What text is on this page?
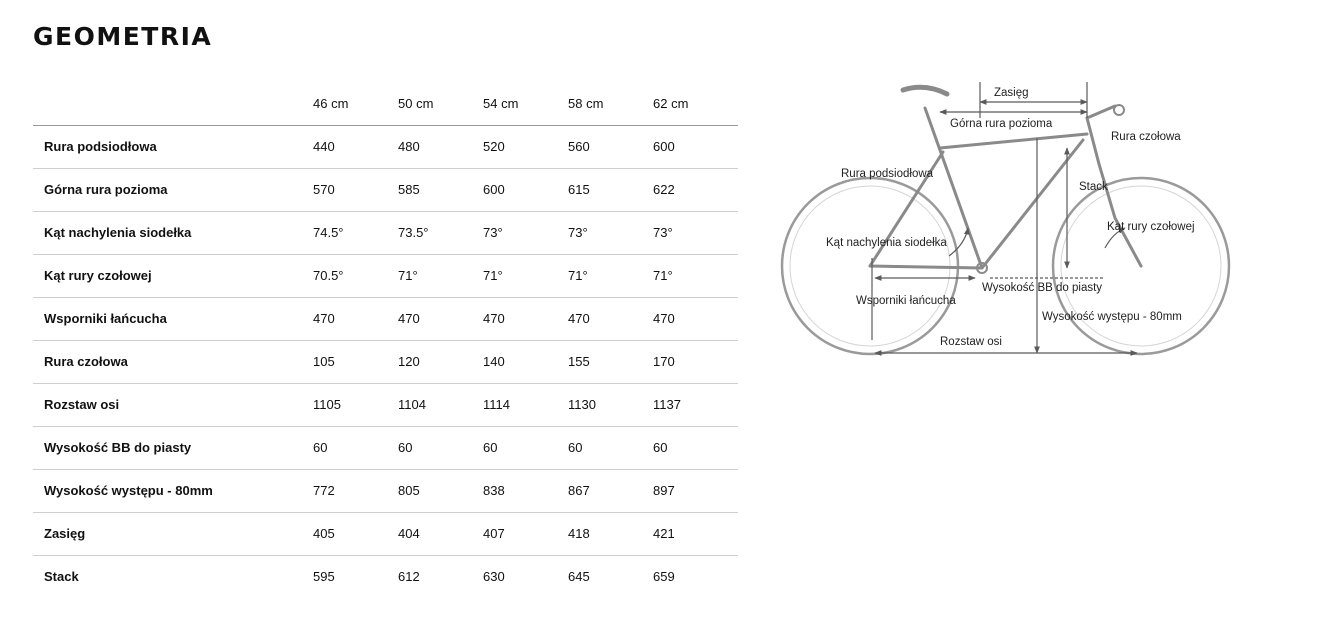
GEOMETRIA
	46 cm	50 cm	54 cm	58 cm	62 cm
Rura podsiodłowa	440	480	520	560	600
Górna rura pozioma	570	585	600	615	622
Kąt nachylenia siodełka	74.5°	73.5°	73°	73°	73°
Kąt rury czołowej	70.5°	71°	71°	71°	71°
Wsporniki łańcucha	470	470	470	470	470
Rura czołowa	105	120	140	155	170
Rozstaw osi	1105	1104	1114	1130	1137
Wysokość BB do piasty	60	60	60	60	60
Wysokość występu - 80mm	772	805	838	867	897
Zasięg	405	404	407	418	421
Stack	595	612	630	645	659
Zasięg
Górna rura pozioma
Rura czołowa
Rura podsiodłowa
Stack
Kąt nachylenia siodełka
Kąt rury czołowej
Wysokość BB do piasty
Wsporniki łańcucha
Wysokość występu - 80mm
Rozstaw osi
